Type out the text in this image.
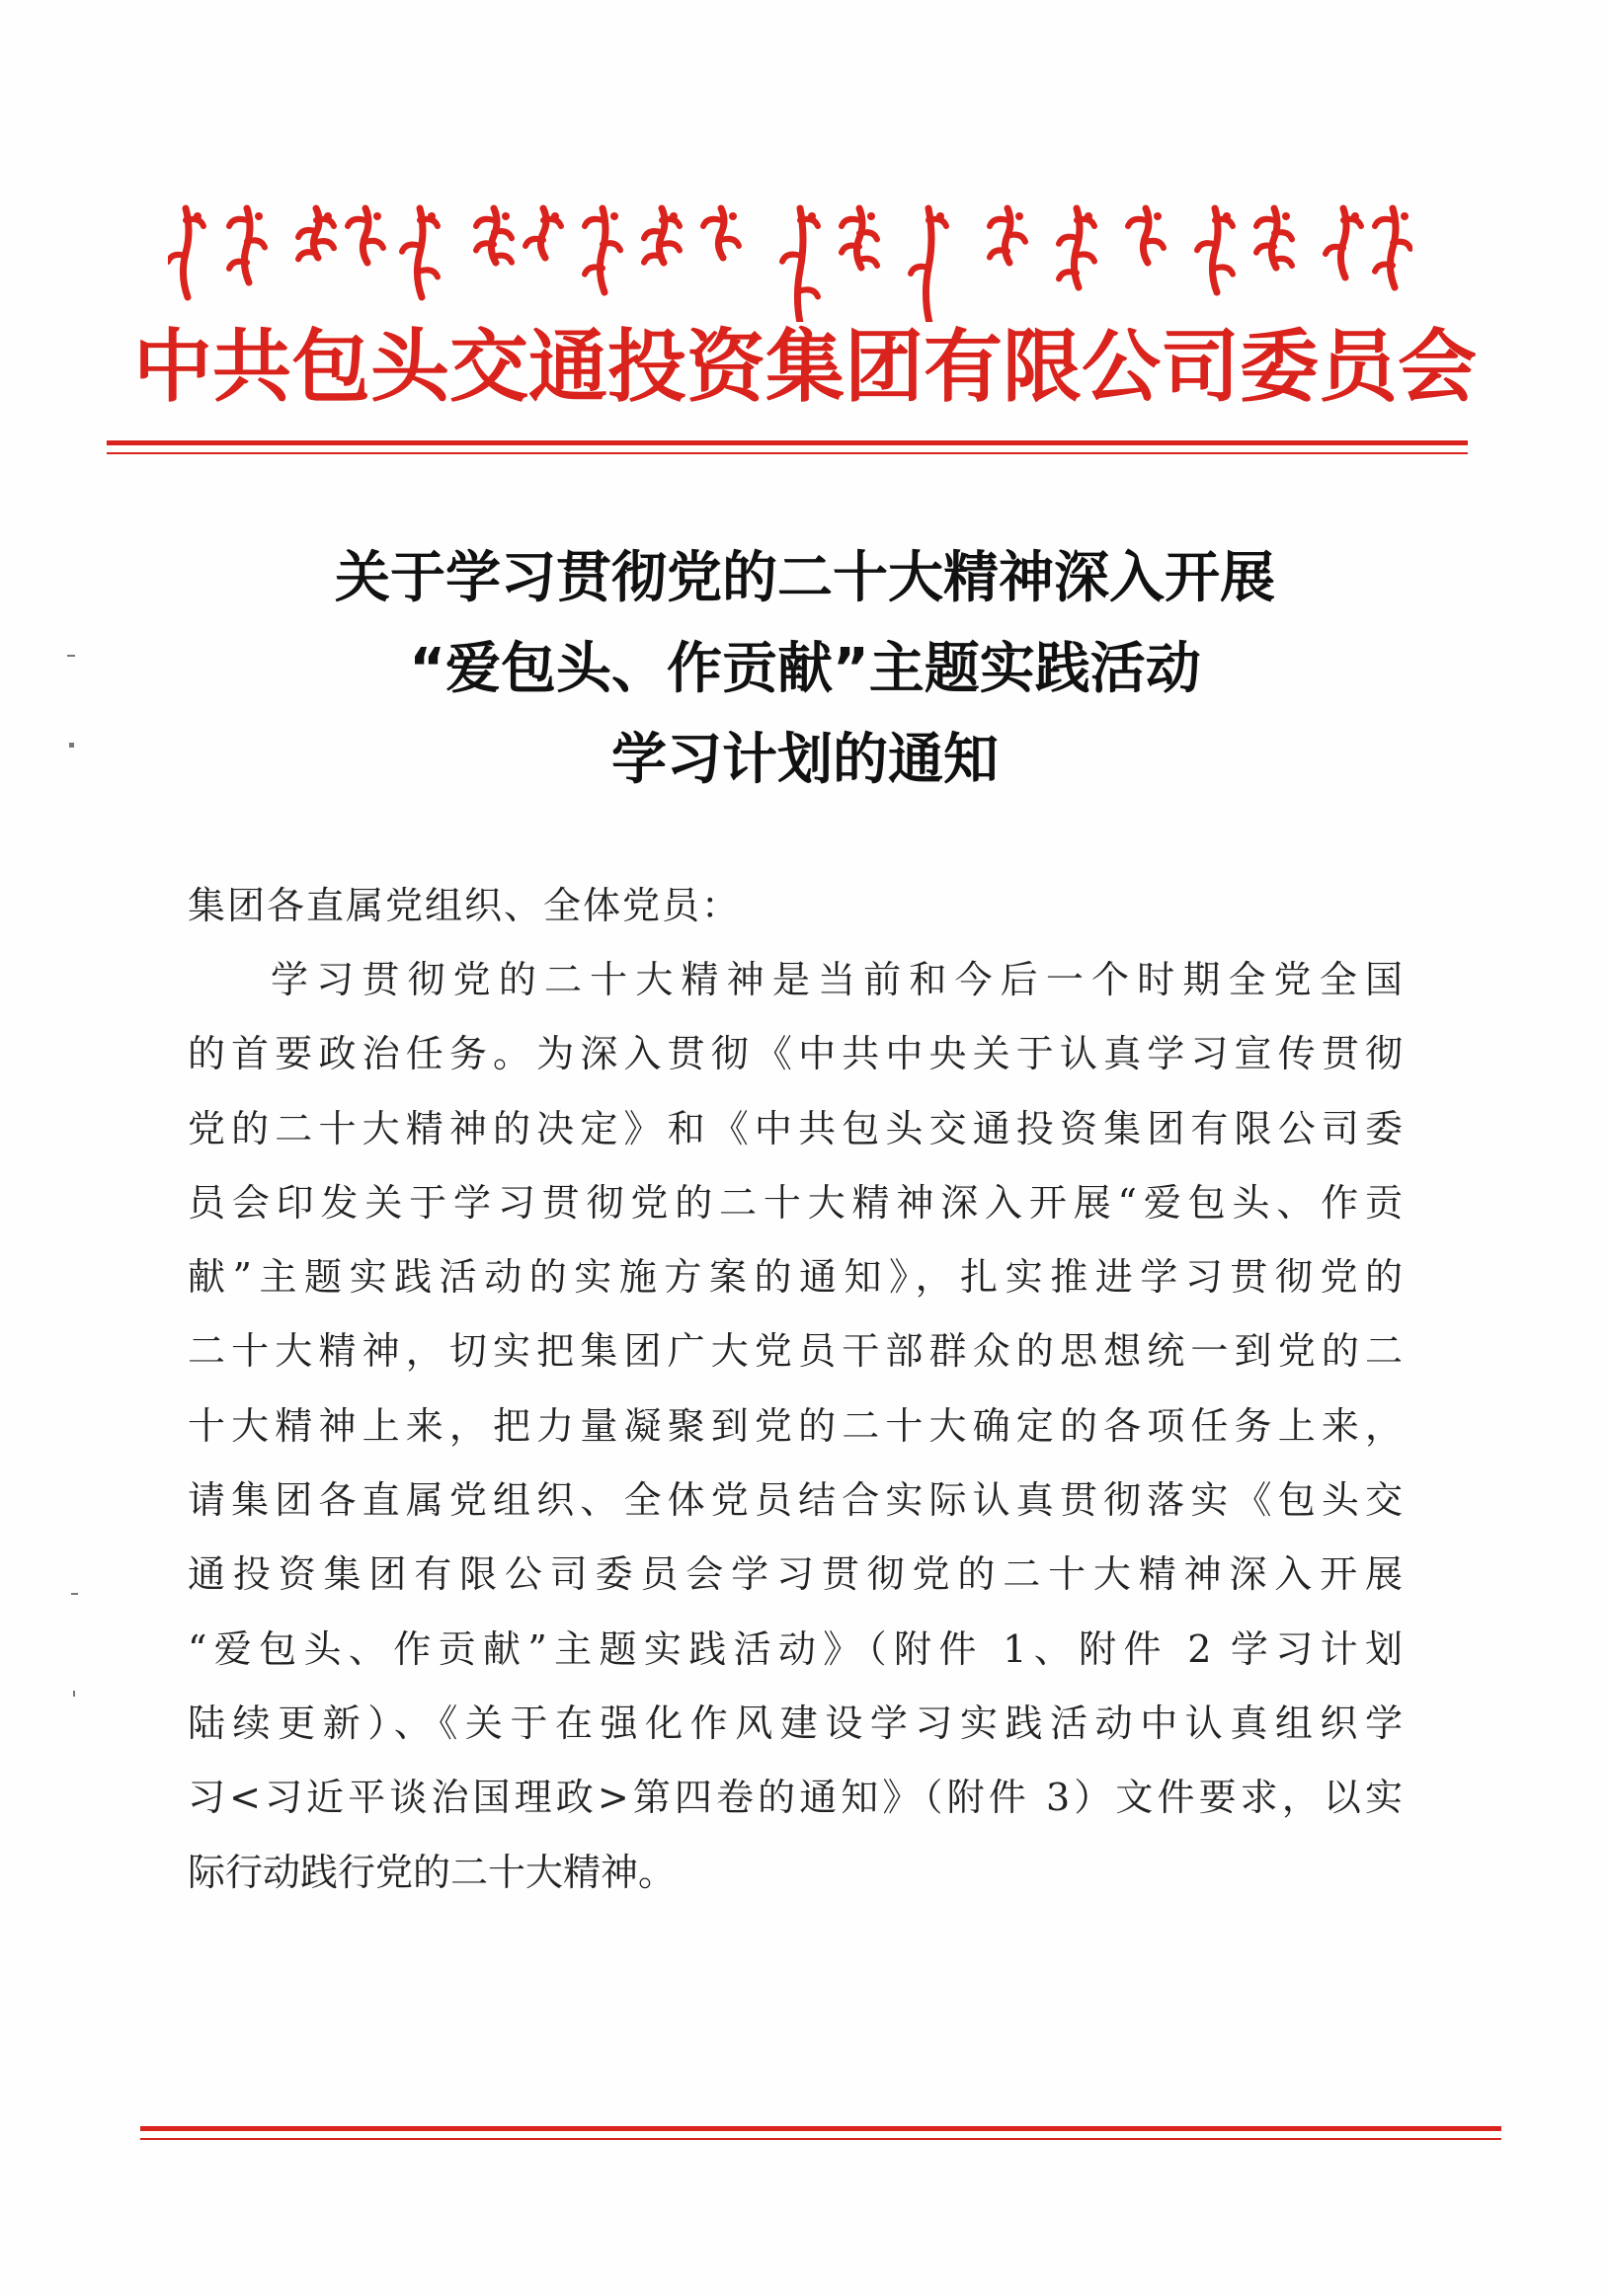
中共包头交通投资集团有限公司委员会
关于学习贯彻党的二十大精神深入开展
“爱包头、作贡献”主题实践活动
学习计划的通知
集团各直属党组织、全体党员：
学习贯彻党的二十大精神是当前和今后一个时期全党全国
的首要政治任务。为深入贯彻《中共中央关于认真学习宣传贯彻
党的二十大精神的决定》和《中共包头交通投资集团有限公司委
员会印发关于学习贯彻党的二十大精神深入开展“爱包头、作贡
献”主题实践活动的实施方案的通知》，扎实推进学习贯彻党的
二十大精神，切实把集团广大党员干部群众的思想统一到党的二
十大精神上来，把力量凝聚到党的二十大确定的各项任务上来，
请集团各直属党组织、全体党员结合实际认真贯彻落实《包头交
通投资集团有限公司委员会学习贯彻党的二十大精神深入开展
“爱包头、作贡献”主题实践活动》（附件 1、附件 2 学习计划
陆续更新）、《关于在强化作风建设学习实践活动中认真组织学
习<习近平谈治国理政>第四卷的通知》（附件 3）文件要求，以实
际行动践行党的二十大精神。
